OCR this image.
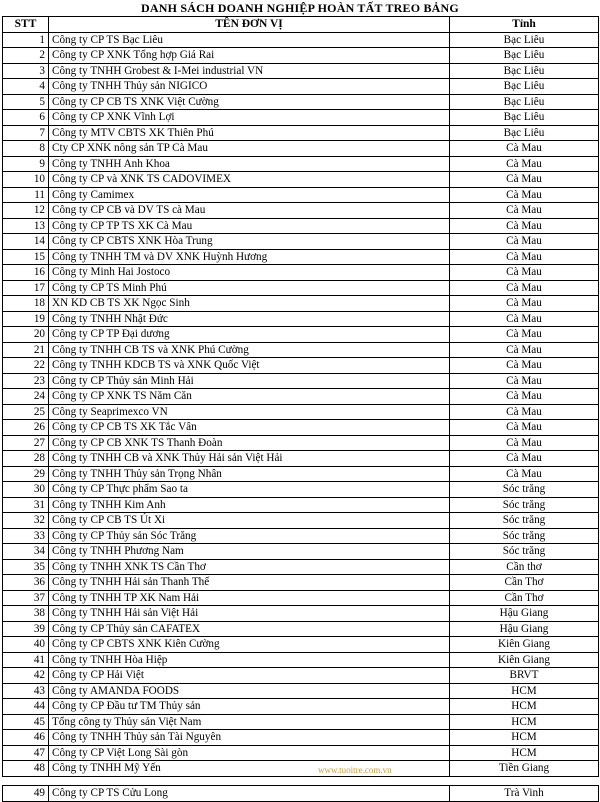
DANH SÁCH DOANH NGHIỆP HOÀN TẤT TREO BẢNG
STT	TÊN ĐƠN VỊ	Tỉnh
1	Công ty CP TS Bạc Liêu	Bạc Liêu
2	Công ty CP XNK Tổng hợp Giá Rai	Bạc Liêu
3	Công ty TNHH Grobest & I-Mei industrial VN	Bạc Liêu
4	Công ty TNHH Thủy sản NIGICO	Bạc Liêu
5	Công ty CP CB TS XNK Việt Cường	Bạc Liêu
6	Công ty CP XNK Vĩnh Lợi	Bạc Liêu
7	Công ty MTV CBTS XK Thiên Phú	Bạc Liêu
8	Cty CP XNK nông sản TP Cà Mau	Cà Mau
9	Công ty TNHH Anh Khoa	Cà Mau
10	Công ty CP và XNK TS CADOVIMEX	Cà Mau
11	Công ty Camimex	Cà Mau
12	Công ty CP CB và DV TS cà Mau	Cà Mau
13	Công ty CP TP TS XK Cà Mau	Cà Mau
14	Công ty CP CBTS XNK Hòa Trung	Cà Mau
15	Công ty TNHH TM và DV XNK Huỳnh Hương	Cà Mau
16	Công ty Minh Hai Jostoco	Cà Mau
17	Công ty CP TS Minh Phú	Cà Mau
18	XN KD CB TS XK Ngọc Sinh	Cà Mau
19	Công ty TNHH Nhật Đức	Cà Mau
20	Công ty CP TP Đại dương	Cà Mau
21	Công ty TNHH CB TS và XNK Phú Cường	Cà Mau
22	Công ty TNHH KDCB TS và XNK Quốc Việt	Cà Mau
23	Công ty CP Thủy sản Minh Hải	Cà Mau
24	Công ty CP XNK TS Năm Căn	Cà Mau
25	Công ty Seaprimexco VN	Cà Mau
26	Công ty CP CB TS XK Tắc Vân	Cà Mau
27	Công ty CP CB XNK TS Thanh Đoàn	Cà Mau
28	Công ty TNHH CB và XNK Thủy Hải sản Việt Hải	Cà Mau
29	Công ty TNHH Thủy sản Trọng Nhân	Cà Mau
30	Công ty CP Thực phẩm Sao ta	Sóc trăng
31	Công ty TNHH Kim Anh	Sóc trăng
32	Công ty CP CB TS Út Xi	Sóc trăng
33	Công ty CP Thủy sản Sóc Trăng	Sóc trăng
34	Công ty TNHH Phương Nam	Sóc trăng
35	Công ty TNHH XNK TS Cần Thơ	Cần thơ
36	Công ty TNHH Hải sản Thanh Thế	Cần Thơ
37	Công ty TNHH TP XK Nam Hải	Cần Thơ
38	Công ty TNHH Hải sản Việt Hải	Hậu Giang
39	Công ty CP Thủy sản CAFATEX	Hậu Giang
40	Công ty CP CBTS XNK Kiên Cường	Kiên Giang
41	Công ty TNHH Hòa Hiệp	Kiên Giang
42	Công ty CP Hải Việt	BRVT
43	Công ty AMANDA FOODS	HCM
44	Công ty CP Đầu tư TM Thủy sản	HCM
45	Tổng công ty Thủy sản Việt Nam	HCM
46	Công ty TNHH Thủy sản Tài Nguyên	HCM
47	Công ty CP Việt Long Sài gòn	HCM
48	Công ty TNHH Mỹ Yến	Tiền Giang
www.tuoitre.com.vn
49	Công ty CP TS Cửu Long	Trà Vinh
